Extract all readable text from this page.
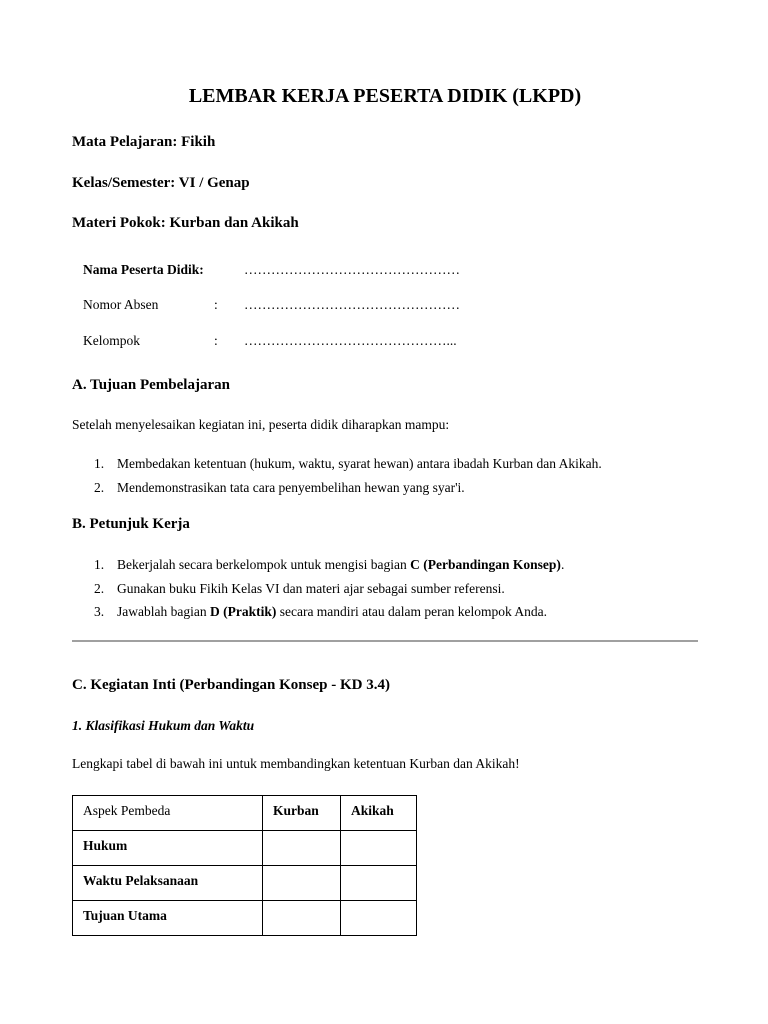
LEMBAR KERJA PESERTA DIDIK (LKPD)

Mata Pelajaran: Fikih

Kelas/Semester: VI / Genap

Materi Pokok: Kurban dan Akikah

Nama Peserta Didik:	…………………………………………
Nomor Absen	: …………………………………………
Kelompok	: ………………………………………...
A. Tujuan Pembelajaran

Setelah menyelesaikan kegiatan ini, peserta didik diharapkan mampu:

1. Membedakan ketentuan (hukum, waktu, syarat hewan) antara ibadah Kurban dan Akikah.
2. Mendemonstrasikan tata cara penyembelihan hewan yang syar'i.
B. Petunjuk Kerja
1. Bekerjalah secara berkelompok untuk mengisi bagian C (Perbandingan Konsep).
2. Gunakan buku Fikih Kelas VI dan materi ajar sebagai sumber referensi.
3. Jawablah bagian D (Praktik) secara mandiri atau dalam peran kelompok Anda.
C. Kegiatan Inti (Perbandingan Konsep - KD 3.4)

1. Klasifikasi Hukum dan Waktu

Lengkapi tabel di bawah ini untuk membandingkan ketentuan Kurban dan Akikah!

Aspek Pembeda	Kurban	Akikah
Hukum		
Waktu Pelaksanaan		
Tujuan Utama		
